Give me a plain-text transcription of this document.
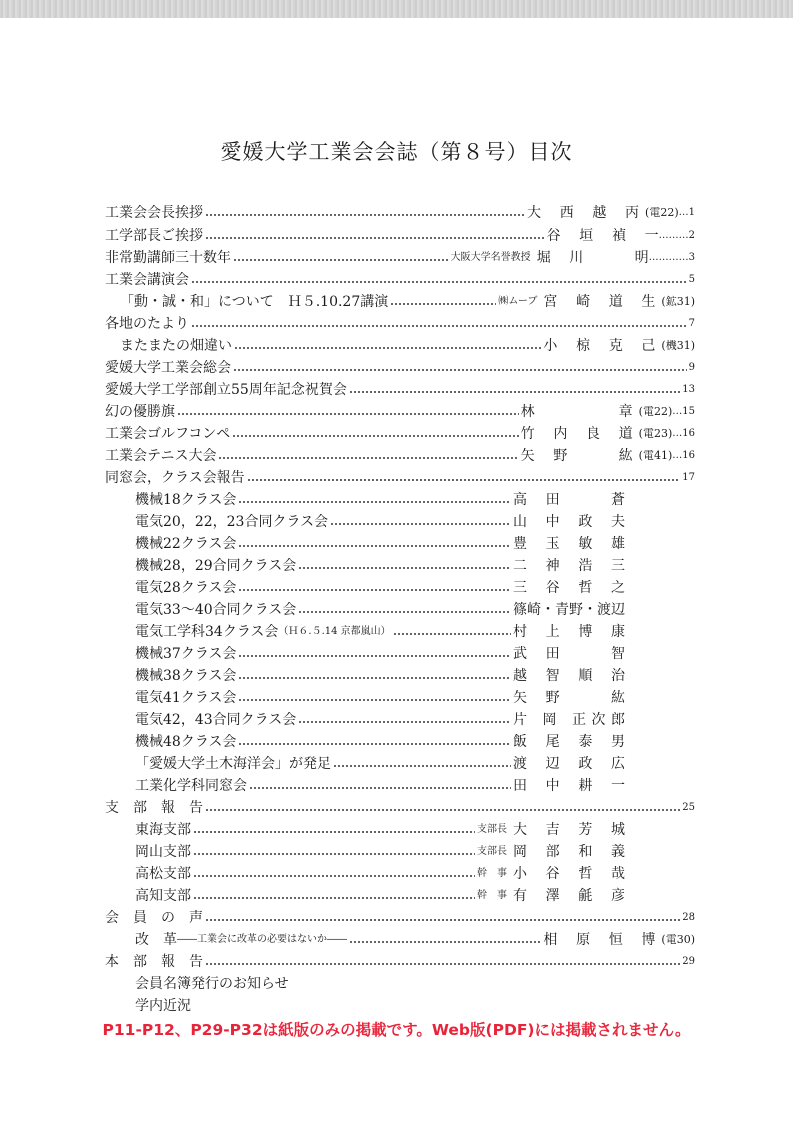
愛媛大学工業会会誌（第８号）目次
工業会会長挨拶	大 西 越 丙 (電22) …1
工学部長ご挨拶	谷 垣 禎 一 ………2
非常勤講師三十数年	大阪大学名誉教授 堀 川 　 明 …………3
工業会講演会	5
「動・誠・和」について　Ｈ５.10.27講演	㈱ムーブ 宮 崎 道 生 (鉱31)
各地のたより	7
またまたの畑違い	小 椋 克 己 (機31)
愛媛大学工業会総会	9
愛媛大学工学部創立55周年記念祝賀会	13
幻の優勝旗	林 　 　 章 (電22) …15
工業会ゴルフコンペ	竹 内 良 道 (電23) …16
工業会テニス大会	矢 野 　 紘 (電41) …16
同窓会，クラス会報告	17
機械18クラス会	高 田 　 蒼
電気20，22，23合同クラス会	山 中 政 夫
機械22クラス会	豊 玉 敏 雄
機械28，29合同クラス会	二 神 浩 三
電気28クラス会	三 谷 哲 之
電気33〜40合同クラス会	篠崎・青野・渡辺
電気工学科34クラス会 （Ｈ６.５.14 京都嵐山）	村 上 博 康
機械37クラス会	武 田 　 智
機械38クラス会	越 智 順 治
電気41クラス会	矢 野 　 紘
電気42，43合同クラス会	片 岡 正次郎
機械48クラス会	飯 尾 泰 男
「愛媛大学土木海洋会」が発足	渡 辺 政 広
工業化学科同窓会	田 中 耕 一
支　部　報　告	25
東海支部	支部長 大 吉 芳 城
岡山支部	支部長 岡 部 和 義
高松支部	幹　事 小 谷 哲 哉
高知支部	幹　事 有 澤 毹 彦
会　員　の　声	28
改　革 ――工業会に改革の必要はないか――	相 原 恒 博 (電30)
本　部　報　告	29
会員名簿発行のお知らせ
学内近況
P11-P12、P29-P32は紙版のみの掲載です。Web版(PDF)には掲載されません。
